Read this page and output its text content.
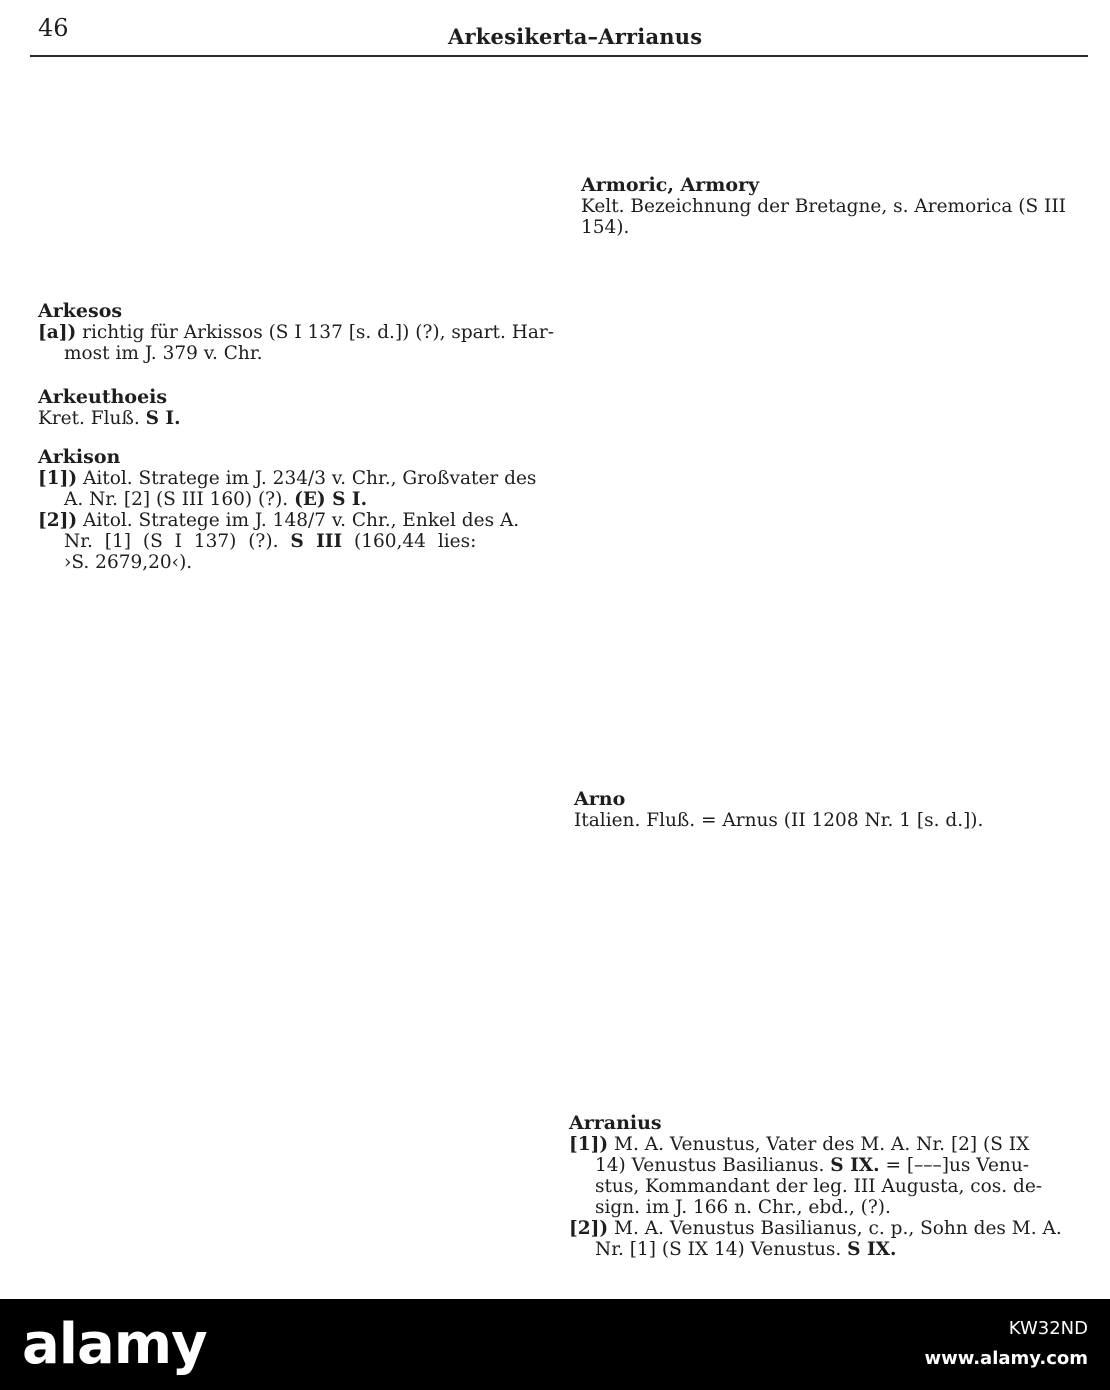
46	Arkesikerta–Arrianus
Armoric, Armory
Kelt. Bezeichnung der Bretagne, s. Aremorica (S III
154).
Arkesos
[a]) richtig für Arkissos (S I 137 [s. d.]) (?), spart. Har-
most im J. 379 v. Chr.
Arkeuthoeis
Kret. Fluß. S I.
Arkison
[1]) Aitol. Stratege im J. 234/3 v. Chr., Großvater des
A. Nr. [2] (S III 160) (?). (E) S I.
[2]) Aitol. Stratege im J. 148/7 v. Chr., Enkel des A.
Nr. [1] (S I 137) (?). S III (160,44 lies:
›S. 2679,20‹).
Arno
Italien. Fluß. = Arnus (II 1208 Nr. 1 [s. d.]).
Arranius
[1]) M. A. Venustus, Vater des M. A. Nr. [2] (S IX
14) Venustus Basilianus. S IX. = [–––]us Venu-
stus, Kommandant der leg. III Augusta, cos. de-
sign. im J. 166 n. Chr., ebd., (?).
[2]) M. A. Venustus Basilianus, c. p., Sohn des M. A.
Nr. [1] (S IX 14) Venustus. S IX.
alamy	KW32ND
www.alamy.com
